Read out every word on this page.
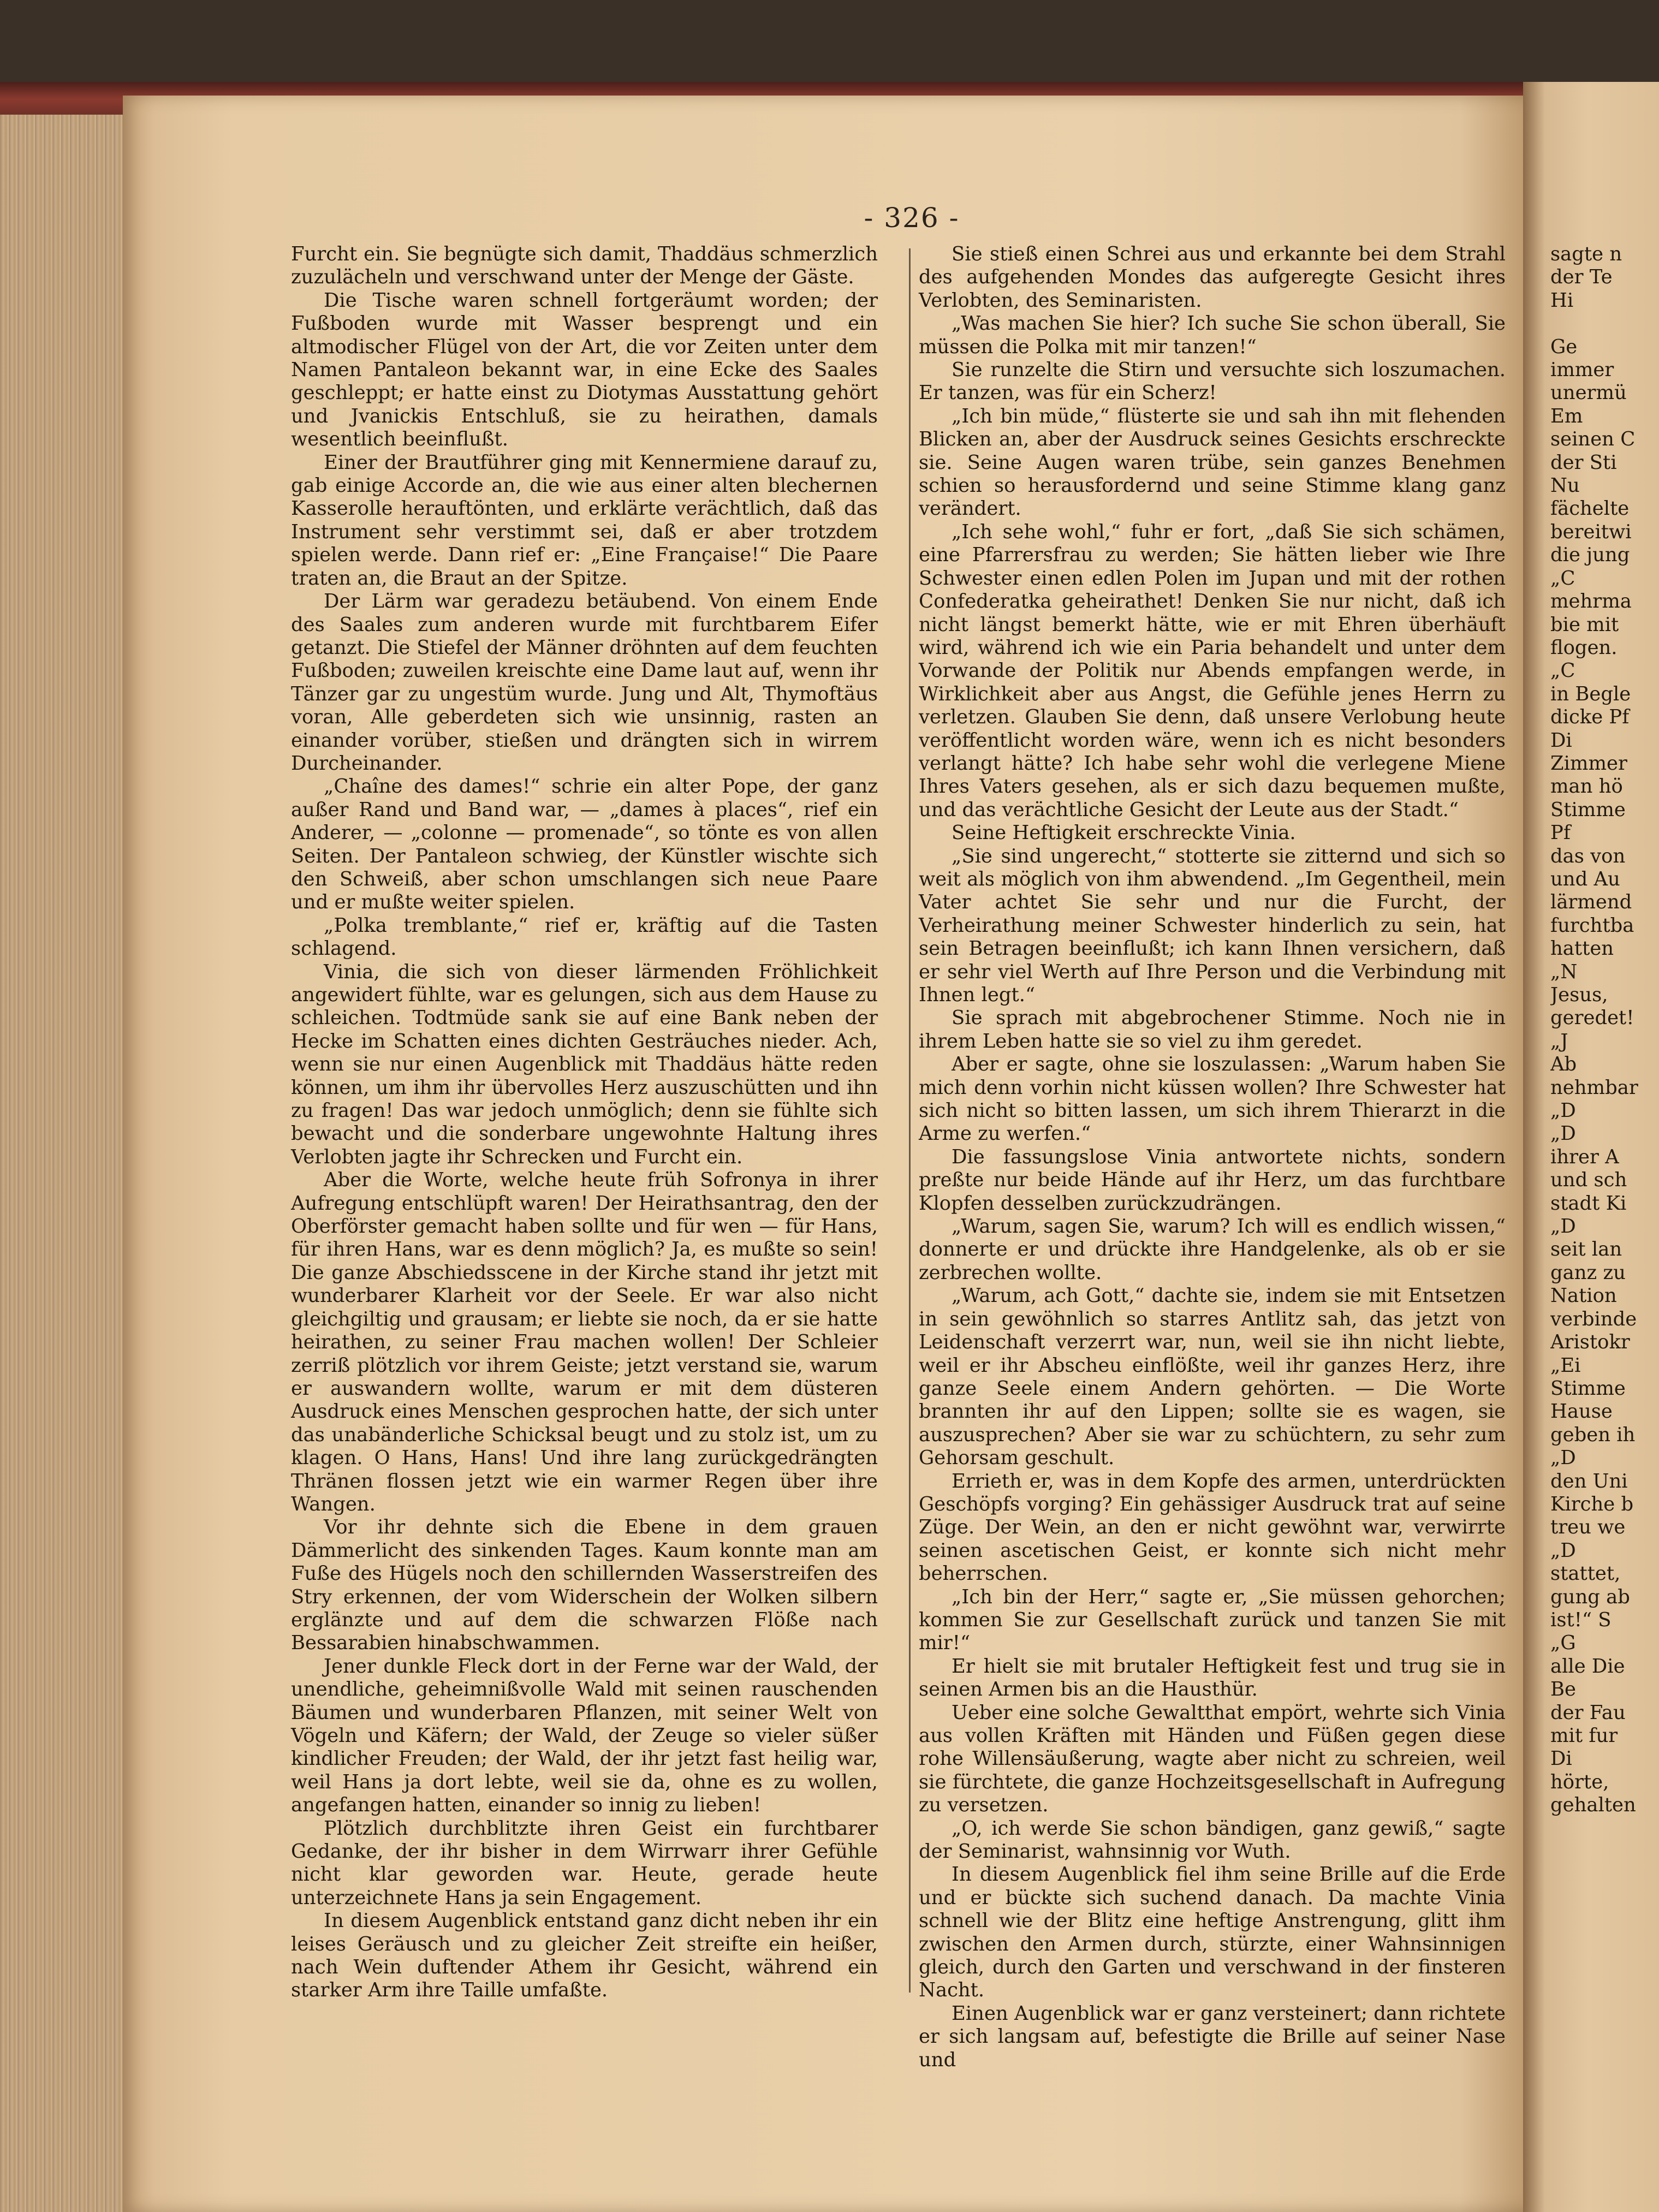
- 326 -

Furcht ein. Sie begnügte sich damit, Thaddäus schmerzlich zuzulächeln und verschwand unter der Menge der Gäste.

Die Tische waren schnell fortgeräumt worden; der Fußboden wurde mit Wasser besprengt und ein altmodischer Flügel von der Art, die vor Zeiten unter dem Namen Pantaleon bekannt war, in eine Ecke des Saales geschleppt; er hatte einst zu Diotymas Ausstattung gehört und Jvanickis Entschluß, sie zu heirathen, damals wesentlich beeinflußt.

Einer der Brautführer ging mit Kennermiene darauf zu, gab einige Accorde an, die wie aus einer alten blechernen Kasserolle herauftönten, und erklärte verächtlich, daß das Instrument sehr verstimmt sei, daß er aber trotzdem spielen werde. Dann rief er: „Eine Française!“ Die Paare traten an, die Braut an der Spitze.

Der Lärm war geradezu betäubend. Von einem Ende des Saales zum anderen wurde mit furchtbarem Eifer getanzt. Die Stiefel der Männer dröhnten auf dem feuchten Fußboden; zuweilen kreischte eine Dame laut auf, wenn ihr Tänzer gar zu ungestüm wurde. Jung und Alt, Thymoftäus voran, Alle geberdeten sich wie unsinnig, rasten an einander vorüber, stießen und drängten sich in wirrem Durcheinander.

„Chaîne des dames!“ schrie ein alter Pope, der ganz außer Rand und Band war, — „dames à places“, rief ein Anderer, — „colonne — promenade“, so tönte es von allen Seiten. Der Pantaleon schwieg, der Künstler wischte sich den Schweiß, aber schon umschlangen sich neue Paare und er mußte weiter spielen.

„Polka tremblante,“ rief er, kräftig auf die Tasten schlagend.

Vinia, die sich von dieser lärmenden Fröhlichkeit angewidert fühlte, war es gelungen, sich aus dem Hause zu schleichen. Todtmüde sank sie auf eine Bank neben der Hecke im Schatten eines dichten Gesträuches nieder. Ach, wenn sie nur einen Augenblick mit Thaddäus hätte reden können, um ihm ihr übervolles Herz auszuschütten und ihn zu fragen! Das war jedoch unmöglich; denn sie fühlte sich bewacht und die sonderbare ungewohnte Haltung ihres Verlobten jagte ihr Schrecken und Furcht ein.

Aber die Worte, welche heute früh Sofronya in ihrer Aufregung entschlüpft waren! Der Heirathsantrag, den der Oberförster gemacht haben sollte und für wen — für Hans, für ihren Hans, war es denn möglich? Ja, es mußte so sein! Die ganze Abschiedsscene in der Kirche stand ihr jetzt mit wunderbarer Klarheit vor der Seele. Er war also nicht gleichgiltig und grausam; er liebte sie noch, da er sie hatte heirathen, zu seiner Frau machen wollen! Der Schleier zerriß plötzlich vor ihrem Geiste; jetzt verstand sie, warum er auswandern wollte, warum er mit dem düsteren Ausdruck eines Menschen gesprochen hatte, der sich unter das unabänderliche Schicksal beugt und zu stolz ist, um zu klagen. O Hans, Hans! Und ihre lang zurückgedrängten Thränen flossen jetzt wie ein warmer Regen über ihre Wangen.

Vor ihr dehnte sich die Ebene in dem grauen Dämmerlicht des sinkenden Tages. Kaum konnte man am Fuße des Hügels noch den schillernden Wasserstreifen des Stry erkennen, der vom Widerschein der Wolken silbern erglänzte und auf dem die schwarzen Flöße nach Bessarabien hinabschwammen.

Jener dunkle Fleck dort in der Ferne war der Wald, der unendliche, geheimnißvolle Wald mit seinen rauschenden Bäumen und wunderbaren Pflanzen, mit seiner Welt von Vögeln und Käfern; der Wald, der Zeuge so vieler süßer kindlicher Freuden; der Wald, der ihr jetzt fast heilig war, weil Hans ja dort lebte, weil sie da, ohne es zu wollen, angefangen hatten, einander so innig zu lieben!

Plötzlich durchblitzte ihren Geist ein furchtbarer Gedanke, der ihr bisher in dem Wirrwarr ihrer Gefühle nicht klar geworden war. Heute, gerade heute unterzeichnete Hans ja sein Engagement.

In diesem Augenblick entstand ganz dicht neben ihr ein leises Geräusch und zu gleicher Zeit streifte ein heißer, nach Wein duftender Athem ihr Gesicht, während ein starker Arm ihre Taille umfaßte.

Sie stieß einen Schrei aus und erkannte bei dem Strahl des aufgehenden Mondes das aufgeregte Gesicht ihres Verlobten, des Seminaristen.

„Was machen Sie hier? Ich suche Sie schon überall, Sie müssen die Polka mit mir tanzen!“

Sie runzelte die Stirn und versuchte sich loszumachen. Er tanzen, was für ein Scherz!

„Ich bin müde,“ flüsterte sie und sah ihn mit flehenden Blicken an, aber der Ausdruck seines Gesichts erschreckte sie. Seine Augen waren trübe, sein ganzes Benehmen schien so herausfordernd und seine Stimme klang ganz verändert.

„Ich sehe wohl,“ fuhr er fort, „daß Sie sich schämen, eine Pfarrersfrau zu werden; Sie hätten lieber wie Ihre Schwester einen edlen Polen im Jupan und mit der rothen Confederatka geheirathet! Denken Sie nur nicht, daß ich nicht längst bemerkt hätte, wie er mit Ehren überhäuft wird, während ich wie ein Paria behandelt und unter dem Vorwande der Politik nur Abends empfangen werde, in Wirklichkeit aber aus Angst, die Gefühle jenes Herrn zu verletzen. Glauben Sie denn, daß unsere Verlobung heute veröffentlicht worden wäre, wenn ich es nicht besonders verlangt hätte? Ich habe sehr wohl die verlegene Miene Ihres Vaters gesehen, als er sich dazu bequemen mußte, und das verächtliche Gesicht der Leute aus der Stadt.“

Seine Heftigkeit erschreckte Vinia.

„Sie sind ungerecht,“ stotterte sie zitternd und sich so weit als möglich von ihm abwendend. „Im Gegentheil, mein Vater achtet Sie sehr und nur die Furcht, der Verheirathung meiner Schwester hinderlich zu sein, hat sein Betragen beeinflußt; ich kann Ihnen versichern, daß er sehr viel Werth auf Ihre Person und die Verbindung mit Ihnen legt.“

Sie sprach mit abgebrochener Stimme. Noch nie in ihrem Leben hatte sie so viel zu ihm geredet.

Aber er sagte, ohne sie loszulassen: „Warum haben Sie mich denn vorhin nicht küssen wollen? Ihre Schwester hat sich nicht so bitten lassen, um sich ihrem Thierarzt in die Arme zu werfen.“

Die fassungslose Vinia antwortete nichts, sondern preßte nur beide Hände auf ihr Herz, um das furchtbare Klopfen desselben zurückzudrängen.

„Warum, sagen Sie, warum? Ich will es endlich wissen,“ donnerte er und drückte ihre Handgelenke, als ob er sie zerbrechen wollte.

„Warum, ach Gott,“ dachte sie, indem sie mit Entsetzen in sein gewöhnlich so starres Antlitz sah, das jetzt von Leidenschaft verzerrt war, nun, weil sie ihn nicht liebte, weil er ihr Abscheu einflößte, weil ihr ganzes Herz, ihre ganze Seele einem Andern gehörten. — Die Worte brannten ihr auf den Lippen; sollte sie es wagen, sie auszusprechen? Aber sie war zu schüchtern, zu sehr zum Gehorsam geschult.

Errieth er, was in dem Kopfe des armen, unterdrückten Geschöpfs vorging? Ein gehässiger Ausdruck trat auf seine Züge. Der Wein, an den er nicht gewöhnt war, verwirrte seinen ascetischen Geist, er konnte sich nicht mehr beherrschen.

„Ich bin der Herr,“ sagte er, „Sie müssen gehorchen; kommen Sie zur Gesellschaft zurück und tanzen Sie mit mir!“

Er hielt sie mit brutaler Heftigkeit fest und trug sie in seinen Armen bis an die Hausthür.

Ueber eine solche Gewaltthat empört, wehrte sich Vinia aus vollen Kräften mit Händen und Füßen gegen diese rohe Willensäußerung, wagte aber nicht zu schreien, weil sie fürchtete, die ganze Hochzeitsgesellschaft in Aufregung zu versetzen.

„O, ich werde Sie schon bändigen, ganz gewiß,“ sagte der Seminarist, wahnsinnig vor Wuth.

In diesem Augenblick fiel ihm seine Brille auf die Erde und er bückte sich suchend danach. Da machte Vinia schnell wie der Blitz eine heftige Anstrengung, glitt ihm zwischen den Armen durch, stürzte, einer Wahnsinnigen gleich, durch den Garten und verschwand in der finsteren Nacht.

Einen Augenblick war er ganz versteinert; dann richtete er sich langsam auf, befestigte die Brille auf seiner Nase und

sagte n

der Te

Hi

Ge

immer

unermü

Em

seinen C

der Sti

Nu

fächelte

bereitwi

die jung

„C

mehrma

bie mit

flogen.

„C

in Begle

dicke Pf

Di

Zimmer

man hö

Stimme

Pf

das von

und Au

lärmend

furchtba

hatten

„N

Jesus,

geredet!

„J

Ab

nehmbar

„D

„D

ihrer A

und sch

stadt Ki

„D

seit lan

ganz zu

Nation

verbinde

Aristokr

„Ei

Stimme

Hause

geben ih

„D

den Uni

Kirche b

treu we

„D

stattet,

gung ab

ist!“ S

„G

alle Die

Be

der Fau

mit fur

Di

hörte,

gehalten
